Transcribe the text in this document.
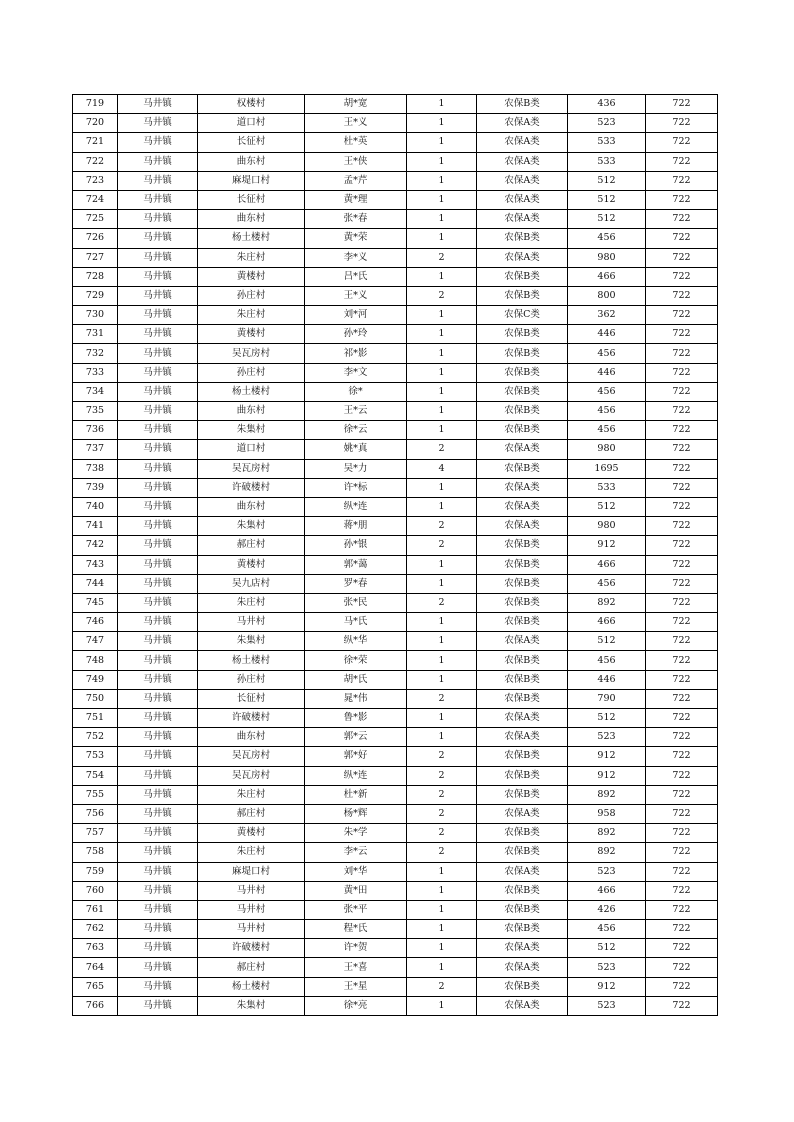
719	马井镇	权楼村	胡*宽	1	农保B类	436	722
720	马井镇	道口村	王*义	1	农保A类	523	722
721	马井镇	长征村	杜*英	1	农保A类	533	722
722	马井镇	曲东村	王*侠	1	农保A类	533	722
723	马井镇	麻堤口村	孟*芹	1	农保A类	512	722
724	马井镇	长征村	黄*理	1	农保A类	512	722
725	马井镇	曲东村	张*春	1	农保A类	512	722
726	马井镇	杨土楼村	黄*荣	1	农保B类	456	722
727	马井镇	朱庄村	李*义	2	农保A类	980	722
728	马井镇	黄楼村	吕*氏	1	农保B类	466	722
729	马井镇	孙庄村	王*义	2	农保B类	800	722
730	马井镇	朱庄村	刘*河	1	农保C类	362	722
731	马井镇	黄楼村	孙*玲	1	农保B类	446	722
732	马井镇	吴瓦房村	祁*影	1	农保B类	456	722
733	马井镇	孙庄村	李*文	1	农保B类	446	722
734	马井镇	杨土楼村	徐*	1	农保B类	456	722
735	马井镇	曲东村	王*云	1	农保B类	456	722
736	马井镇	朱集村	徐*云	1	农保B类	456	722
737	马井镇	道口村	姚*真	2	农保A类	980	722
738	马井镇	吴瓦房村	吴*力	4	农保B类	1695	722
739	马井镇	许破楼村	许*标	1	农保A类	533	722
740	马井镇	曲东村	纵*连	1	农保A类	512	722
741	马井镇	朱集村	蒋*朋	2	农保A类	980	722
742	马井镇	郝庄村	孙*银	2	农保B类	912	722
743	马井镇	黄楼村	郭*蔼	1	农保B类	466	722
744	马井镇	吴九店村	罗*春	1	农保B类	456	722
745	马井镇	朱庄村	张*民	2	农保B类	892	722
746	马井镇	马井村	马*氏	1	农保B类	466	722
747	马井镇	朱集村	纵*华	1	农保A类	512	722
748	马井镇	杨土楼村	徐*荣	1	农保B类	456	722
749	马井镇	孙庄村	胡*氏	1	农保B类	446	722
750	马井镇	长征村	晁*伟	2	农保B类	790	722
751	马井镇	许破楼村	鲁*影	1	农保A类	512	722
752	马井镇	曲东村	郭*云	1	农保A类	523	722
753	马井镇	吴瓦房村	郭*好	2	农保B类	912	722
754	马井镇	吴瓦房村	纵*连	2	农保B类	912	722
755	马井镇	朱庄村	杜*新	2	农保B类	892	722
756	马井镇	郝庄村	杨*辉	2	农保A类	958	722
757	马井镇	黄楼村	朱*学	2	农保B类	892	722
758	马井镇	朱庄村	李*云	2	农保B类	892	722
759	马井镇	麻堤口村	刘*华	1	农保A类	523	722
760	马井镇	马井村	黄*田	1	农保B类	466	722
761	马井镇	马井村	张*平	1	农保B类	426	722
762	马井镇	马井村	程*氏	1	农保B类	456	722
763	马井镇	许破楼村	许*贺	1	农保A类	512	722
764	马井镇	郝庄村	王*喜	1	农保A类	523	722
765	马井镇	杨土楼村	王*星	2	农保B类	912	722
766	马井镇	朱集村	徐*亮	1	农保A类	523	722
